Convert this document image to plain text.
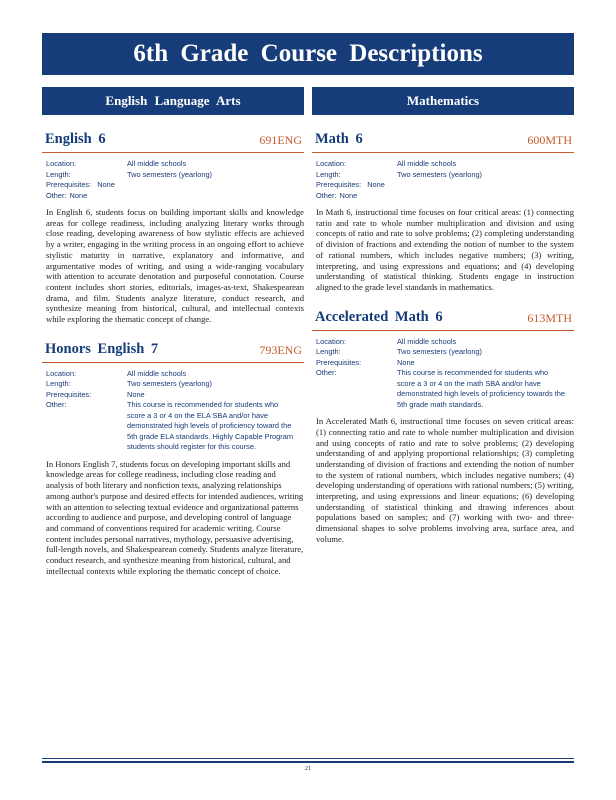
6th Grade Course Descriptions
English Language Arts
English 6	691ENG
Location:	All middle schools
Length:	Two semesters (yearlong)
Prerequisites: None
Other: None
In English 6, students focus on building important skills and knowledge areas for college readiness, including analyzing literary works through close reading, developing awareness of how stylistic effects are achieved by a writer, engaging in the writing process in an ongoing effort to achieve stylistic maturity in narrative, explanatory and informative, and argumentative modes of writing, and using a wide-ranging vocabulary with attention to accurate denotation and purposeful connotation. Course content includes short stories, editorials, images-as-text, Shakespearean drama, and film. Students analyze literature, conduct research, and synthesize meaning from historical, cultural, and intellectual contexts while exploring the thematic concept of change.
Honors English 7	793ENG
Location:	All middle schools
Length:	Two semesters (yearlong)
Prerequisites:	None
Other:	This course is recommended for students who score a 3 or 4 on the ELA SBA and/or have demonstrated high levels of proficiency toward the 5th grade ELA standards. Highly Capable Program students should register for this course.
In Honors English 7, students focus on developing important skills and knowledge areas for college readiness, including close reading and analysis of both literary and nonfiction texts, analyzing relationships among author's purpose and desired effects for intended audiences, writing with an attention to selecting textual evidence and organizational patterns according to audience and purpose, and developing control of language and command of conventions required for academic writing. Course content includes personal narratives, mythology, persuasive advertising, full-length novels, and Shakespearean comedy. Students analyze literature, conduct research, and synthesize meaning from historical, cultural, and intellectual contexts while exploring the thematic concept of choice.
Mathematics
Math 6	600MTH
Location:	All middle schools
Length:	Two semesters (yearlong)
Prerequisites: None
Other: None
In Math 6, instructional time focuses on four critical areas: (1) connecting ratio and rate to whole number multiplication and division and using concepts of ratio and rate to solve problems; (2) completing understanding of division of fractions and extending the notion of number to the system of rational numbers, which includes negative numbers; (3) writing, interpreting, and using expressions and equations; and (4) developing understanding of statistical thinking. Students engage in instruction aligned to the grade level standards in mathematics.
Accelerated Math 6	613MTH
Location:	All middle schools
Length:	Two semesters (yearlong)
Prerequisites:	None
Other:	This course is recommended for students who score a 3 or 4 on the math SBA and/or have demonstrated high levels of proficiency towards the 5th grade math standards.
In Accelerated Math 6, instructional time focuses on seven critical areas: (1) connecting ratio and rate to whole number multiplication and division and using concepts of ratio and rate to solve problems; (2) developing understanding of and applying proportional relationships; (3) completing understanding of division of fractions and extending the notion of number to the system of rational numbers, which includes negative numbers; (4) developing understanding of operations with rational numbers; (5) writing, interpreting, and using expressions and linear equations; (6) developing understanding of statistical thinking and drawing inferences about populations based on samples; and (7) working with two- and three-dimensional shapes to solve problems involving area, surface area, and volume.
21
